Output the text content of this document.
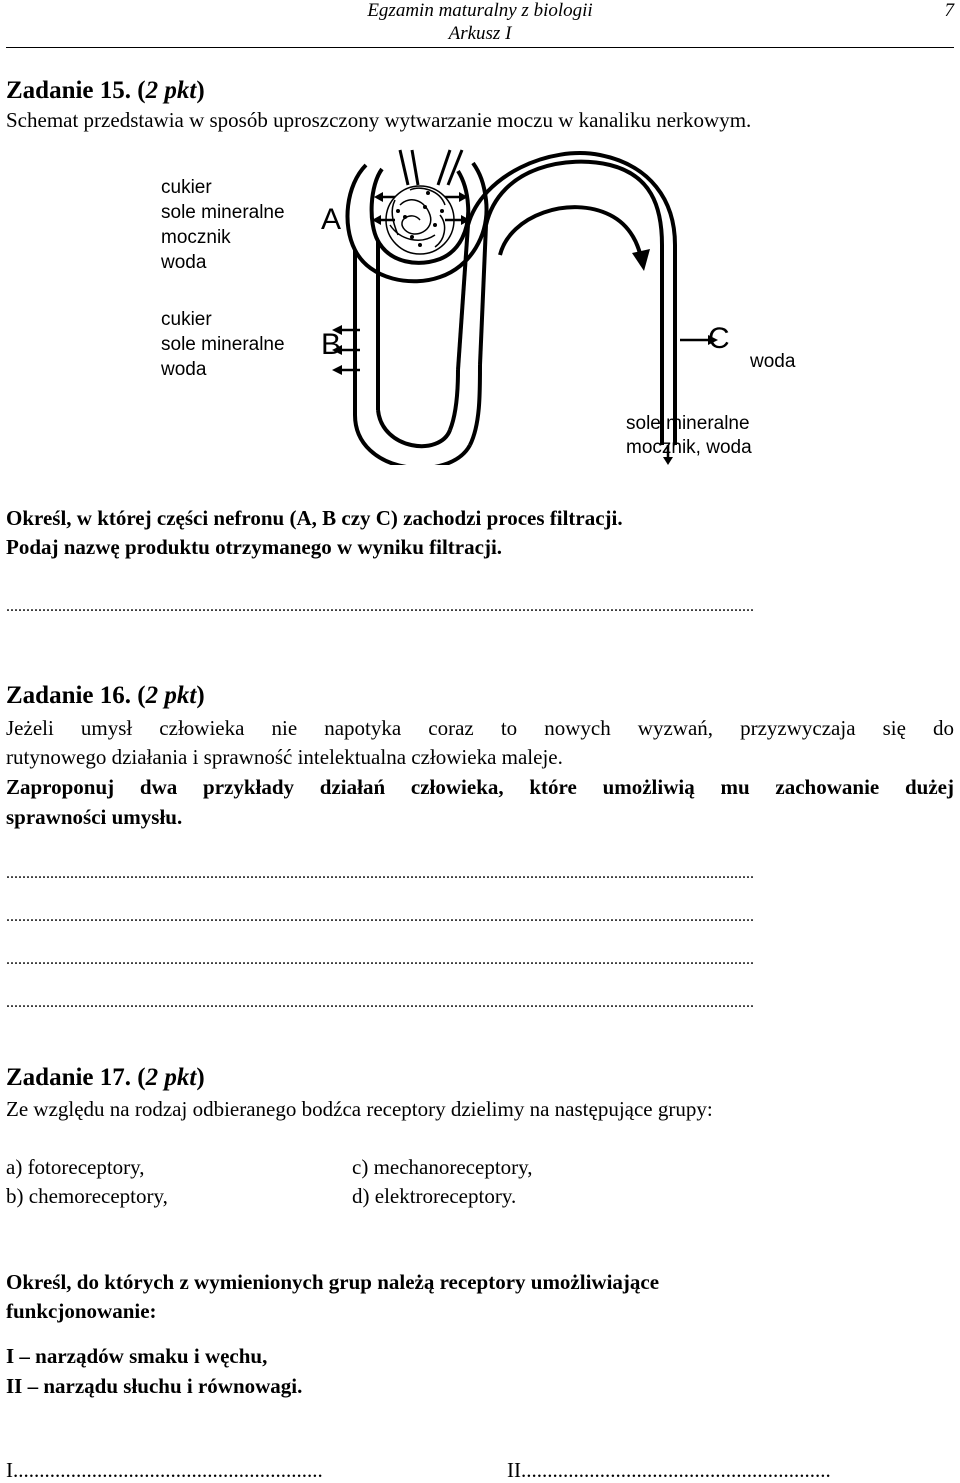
Egzamin maturalny z biologii
Arkusz I
7
Zadanie 15. (2 pkt)
Schemat przedstawia w sposób uproszczony wytwarzanie moczu w kanaliku nerkowym.
cukier
sole mineralne
mocznik
woda
A
cukier
sole mineralne
woda
B	C
woda
sole mineralne
mocznik, woda
Określ, w której części nefronu (A, B czy C) zachodzi proces filtracji.
Podaj nazwę produktu otrzymanego w wyniku filtracji.
...........................................................................................................................................................................................
Zadanie 16. (2 pkt)
Jeżeli umysł człowieka nie napotyka coraz to nowych wyzwań, przyzwyczaja się do
rutynowego działania i sprawność intelektualna człowieka maleje.
Zaproponuj dwa przykłady działań człowieka, które umożliwią mu zachowanie dużej
sprawności umysłu.
...........................................................................................................................................................................................
...........................................................................................................................................................................................
...........................................................................................................................................................................................
...........................................................................................................................................................................................
Zadanie 17. (2 pkt)
Ze względu na rodzaj odbieranego bodźca receptory dzielimy na następujące grupy:
a) fotoreceptory,	c) mechanoreceptory,
b) chemoreceptory,	d) elektroreceptory.
Określ, do których z wymienionych grup należą receptory umożliwiające
funkcjonowanie:
I – narządów smaku i węchu,
II – narządu słuchu i równowagi.
I...........................................................	II...........................................................
